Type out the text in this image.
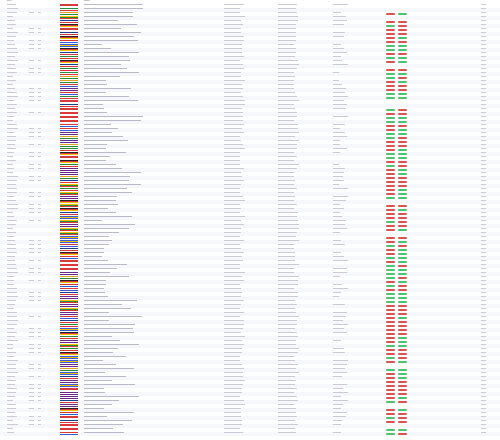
Item	Name
